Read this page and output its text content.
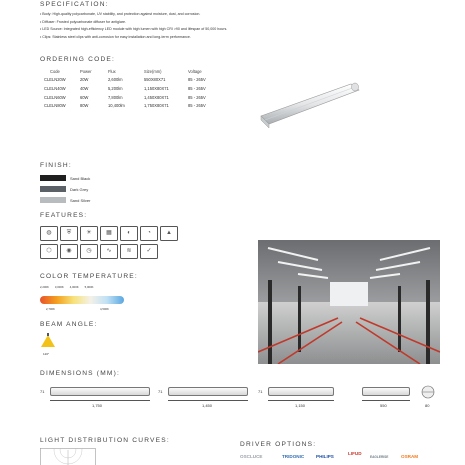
SPECIFICATION:
• Body: High-quality polycarbonate, UV stability, and protection against moisture, dust, and corrosion.
• Diffuser: Frosted polycarbonate diffuser for antiglare.
• LED Source: Integrated high-efficiency LED module with high lumen with high CRI >90 and lifespan of 50,000 hours.
• Clips: Stainless steel clips with anti-corrosion for easy installation and long-term performance.
ORDERING CODE:
Code	Power	Flux	Size(mm)	Voltage
CLELN20W	20W	2,600lm	550X80X71	85 - 265V
CLELN40W	40W	5,200lm	1,150X80X71	85 - 265V
CLELN60W	60W	7,800lm	1,450X80X71	85 - 265V
CLELN80W	80W	10,400lm	1,750X80X71	85 - 265V
FINISH:
Sand Black
Dark Grey
Sand Silver
FEATURES:
◍	⛨	☀ ▦	◐	◔	▲
⬡ ◉ ◷ ∿ ≋ ✓
COLOR TEMPERATURE:
2,200K 3,000K 4,000K 5,000K
2,700K	4,500K
BEAM ANGLE:
120°
DIMENSIONS (MM):
71
1,750
71
1,450
71
1,150	550	80
LIGHT DISTRIBUTION CURVES:
DRIVER OPTIONS:
OSCLUCE	TRIDONIC	PHILIPS
LIFUD
EAGLERISE	OSRAM
